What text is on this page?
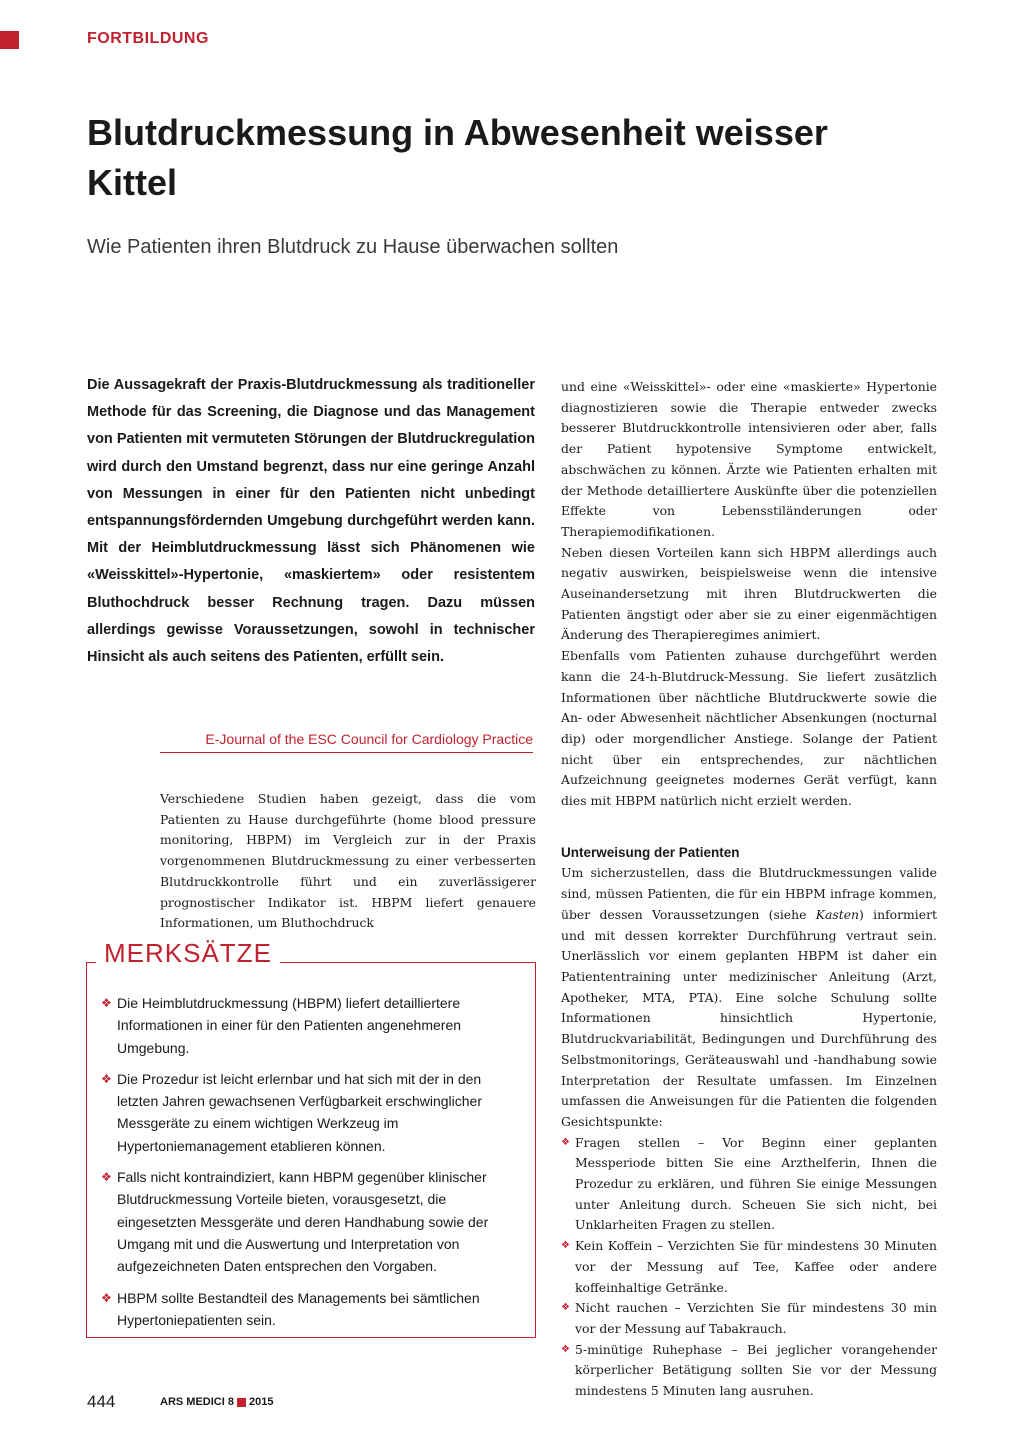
FORTBILDUNG
Blutdruckmessung in Abwesenheit weisser Kittel
Wie Patienten ihren Blutdruck zu Hause überwachen sollten

Die Aussagekraft der Praxis-Blutdruckmessung als traditioneller Methode für das Screening, die Diagnose und das Management von Patienten mit vermuteten Störungen der Blutdruckregulation wird durch den Umstand begrenzt, dass nur eine geringe Anzahl von Messungen in einer für den Patienten nicht unbedingt entspannungsfördernden Umgebung durchgeführt werden kann. Mit der Heimblutdruckmessung lässt sich Phänomenen wie «Weisskittel»-Hypertonie, «maskiertem» oder resistentem Bluthochdruck besser Rechnung tragen. Dazu müssen allerdings gewisse Voraussetzungen, sowohl in technischer Hinsicht als auch seitens des Patienten, erfüllt sein.

E-Journal of the ESC Council for Cardiology Practice

Verschiedene Studien haben gezeigt, dass die vom Patienten zu Hause durchgeführte (home blood pressure monitoring, HBPM) im Vergleich zur in der Praxis vorgenommenen Blutdruckmessung zu einer verbesserten Blutdruckkontrolle führt und ein zuverlässigerer prognostischer Indikator ist. HBPM liefert genauere Informationen, um Bluthochdruck

MERKSÄTZE
❖ Die Heimblutdruckmessung (HBPM) liefert detailliertere Informationen in einer für den Patienten angenehmeren Umgebung.
❖ Die Prozedur ist leicht erlernbar und hat sich mit der in den letzten Jahren gewachsenen Verfügbarkeit erschwinglicher Messgeräte zu einem wichtigen Werkzeug im Hypertoniemanagement etablieren können.
❖ Falls nicht kontraindiziert, kann HBPM gegenüber klinischer Blutdruckmessung Vorteile bieten, vorausgesetzt, die eingesetzten Messgeräte und deren Handhabung sowie der Umgang mit und die Auswertung und Interpretation von aufgezeichneten Daten entsprechen den Vorgaben.
❖ HBPM sollte Bestandteil des Managements bei sämtlichen Hypertoniepatienten sein.

und eine «Weisskittel»- oder eine «maskierte» Hypertonie diagnostizieren sowie die Therapie entweder zwecks besserer Blutdruckkontrolle intensivieren oder aber, falls der Patient hypotensive Symptome entwickelt, abschwächen zu können. Ärzte wie Patienten erhalten mit der Methode detailliertere Auskünfte über die potenziellen Effekte von Lebensstiländerungen oder Therapiemodifikationen.

Neben diesen Vorteilen kann sich HBPM allerdings auch negativ auswirken, beispielsweise wenn die intensive Auseinandersetzung mit ihren Blutdruckwerten die Patienten ängstigt oder aber sie zu einer eigenmächtigen Änderung des Therapieregimes animiert.

Ebenfalls vom Patienten zuhause durchgeführt werden kann die 24-h-Blutdruck-Messung. Sie liefert zusätzlich Informationen über nächtliche Blutdruckwerte sowie die An- oder Abwesenheit nächtlicher Absenkungen (nocturnal dip) oder morgendlicher Anstiege. Solange der Patient nicht über ein entsprechendes, zur nächtlichen Aufzeichnung geeignetes modernes Gerät verfügt, kann dies mit HBPM natürlich nicht erzielt werden.

Unterweisung der Patienten

Um sicherzustellen, dass die Blutdruckmessungen valide sind, müssen Patienten, die für ein HBPM infrage kommen, über dessen Voraussetzungen (siehe Kasten) informiert und mit dessen korrekter Durchführung vertraut sein. Unerlässlich vor einem geplanten HBPM ist daher ein Patiententraining unter medizinischer Anleitung (Arzt, Apotheker, MTA, PTA). Eine solche Schulung sollte Informationen hinsichtlich Hypertonie, Blutdruckvariabilität, Bedingungen und Durchführung des Selbstmonitorings, Geräteauswahl und -handhabung sowie Interpretation der Resultate umfassen. Im Einzelnen umfassen die Anweisungen für die Patienten die folgenden Gesichtspunkte:

❖ Fragen stellen – Vor Beginn einer geplanten Messperiode bitten Sie eine Arzthelferin, Ihnen die Prozedur zu erklären, und führen Sie einige Messungen unter Anleitung durch. Scheuen Sie sich nicht, bei Unklarheiten Fragen zu stellen.
❖ Kein Koffein – Verzichten Sie für mindestens 30 Minuten vor der Messung auf Tee, Kaffee oder andere koffeinhaltige Getränke.
❖ Nicht rauchen – Verzichten Sie für mindestens 30 min vor der Messung auf Tabakrauch.
❖ 5-minütige Ruhephase – Bei jeglicher vorangehender körperlicher Betätigung sollten Sie vor der Messung mindestens 5 Minuten lang ausruhen.
444	ARS MEDICI 8 2015
